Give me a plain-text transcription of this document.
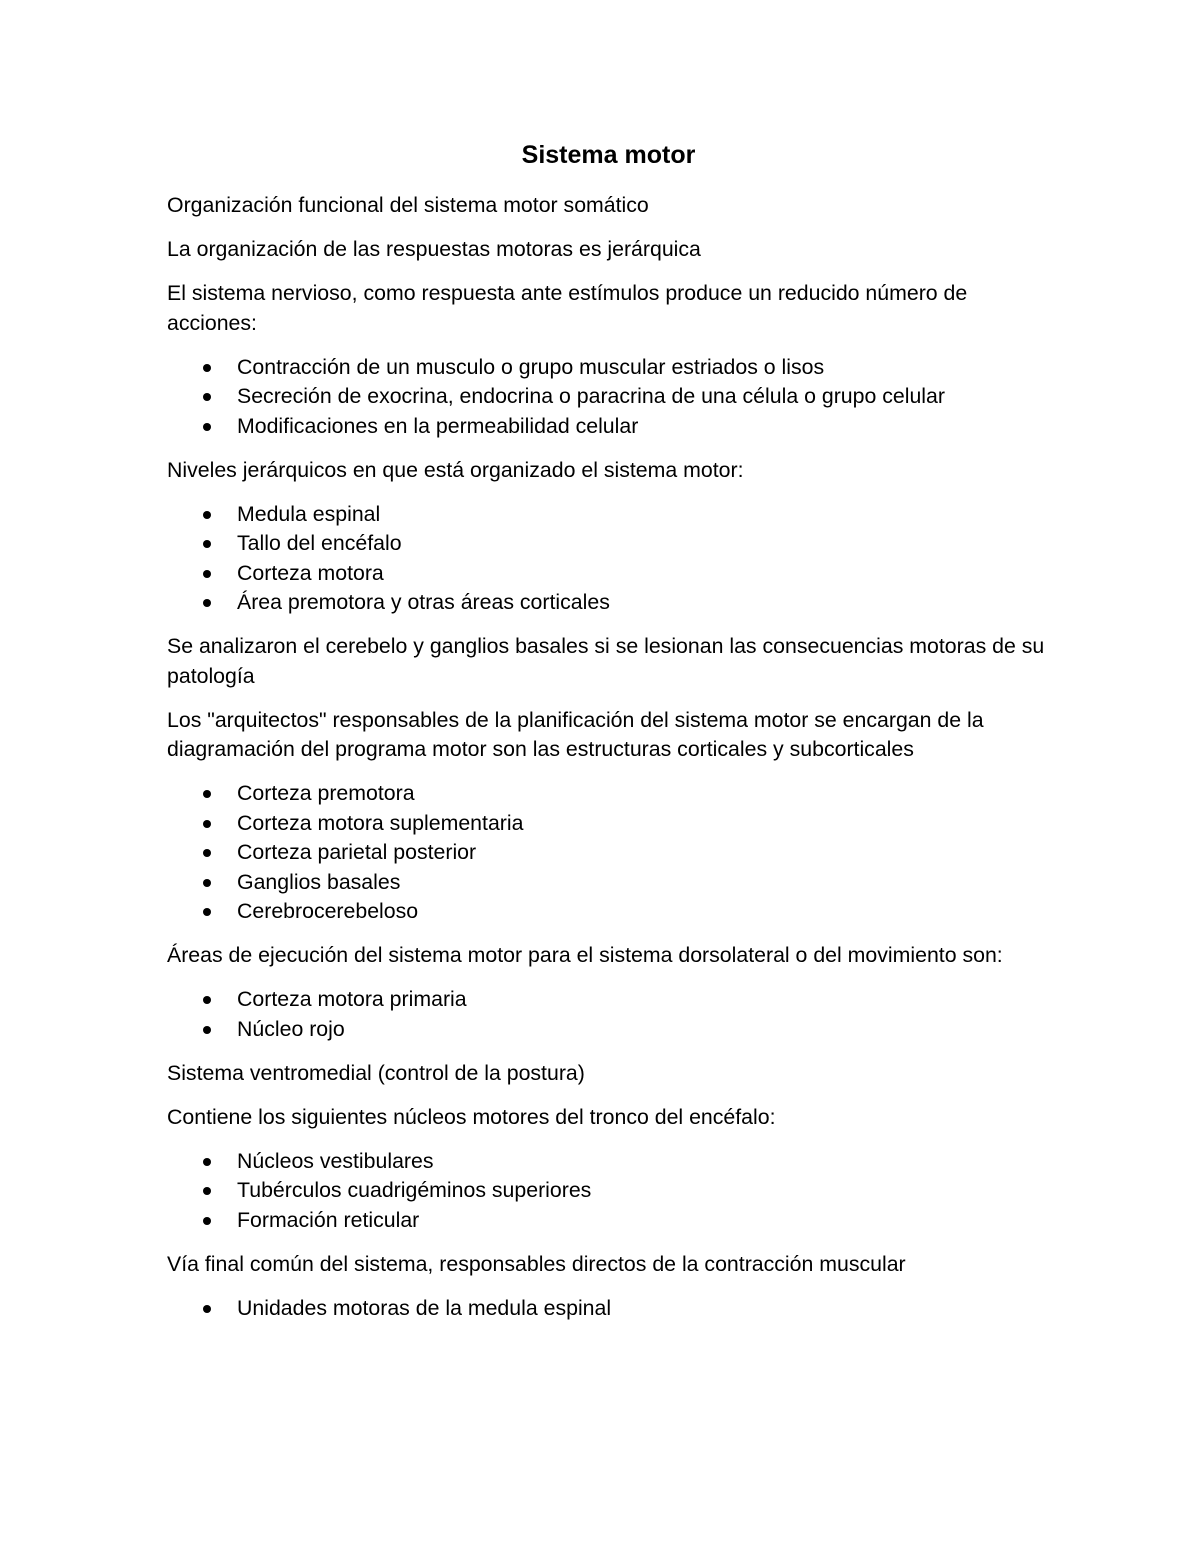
Sistema motor

Organización funcional del sistema motor somático

La organización de las respuestas motoras es jerárquica

El sistema nervioso, como respuesta ante estímulos produce un reducido número de acciones:

Contracción de un musculo o grupo muscular estriados o lisos
Secreción de exocrina, endocrina o paracrina de una célula o grupo celular
Modificaciones en la permeabilidad celular

Niveles jerárquicos en que está organizado el sistema motor:

Medula espinal
Tallo del encéfalo
Corteza motora
Área premotora y otras áreas corticales

Se analizaron el cerebelo y ganglios basales si se lesionan las consecuencias motoras de su patología

Los "arquitectos" responsables de la planificación del sistema motor se encargan de la diagramación del programa motor son las estructuras corticales y subcorticales

Corteza premotora
Corteza motora suplementaria
Corteza parietal posterior
Ganglios basales
Cerebrocerebeloso

Áreas de ejecución del sistema motor para el sistema dorsolateral o del movimiento son:

Corteza motora primaria
Núcleo rojo

Sistema ventromedial (control de la postura)

Contiene los siguientes núcleos motores del tronco del encéfalo:

Núcleos vestibulares
Tubérculos cuadrigéminos superiores
Formación reticular

Vía final común del sistema, responsables directos de la contracción muscular

Unidades motoras de la medula espinal
